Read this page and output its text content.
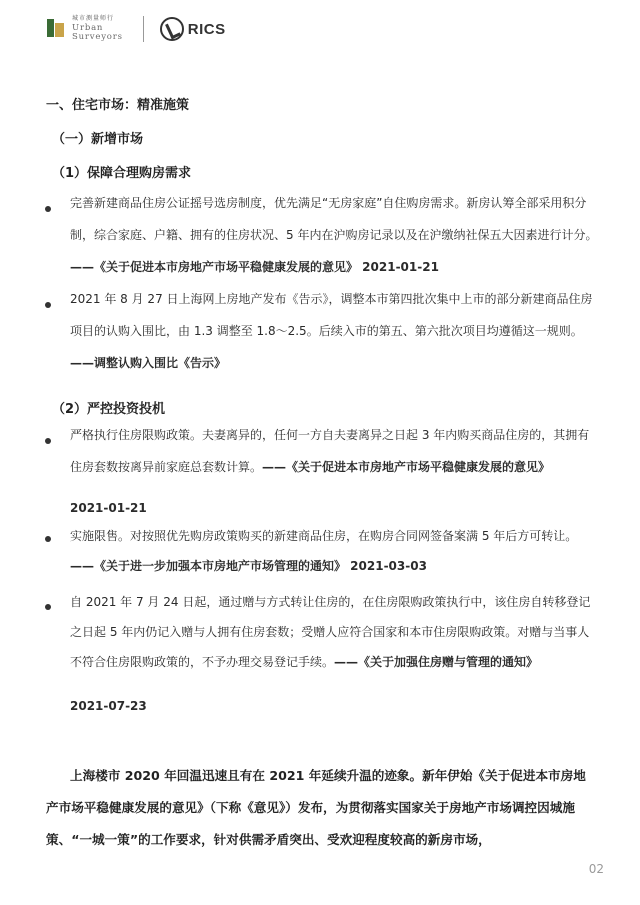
城市测量师行
Urban
Surveyors	RICS
一、住宅市场：精准施策
（一）新增市场
（1）保障合理购房需求
完善新建商品住房公证摇号选房制度，优先满足“无房家庭”自住购房需求。新房认筹全部采用积分制，综合家庭、户籍、拥有的住房状况、5 年内在沪购房记录以及在沪缴纳社保五大因素进行计分。——《关于促进本市房地产市场平稳健康发展的意见》 2021-01-21
2021 年 8 月 27 日上海网上房地产发布《告示》，调整本市第四批次集中上市的部分新建商品住房项目的认购入围比，由 1.3 调整至 1.8～2.5。后续入市的第五、第六批次项目均遵循这一规则。——调整认购入围比《告示》
（2）严控投资投机
严格执行住房限购政策。夫妻离异的，任何一方自夫妻离异之日起 3 年内购买商品住房的，其拥有住房套数按离异前家庭总套数计算。——《关于促进本市房地产市场平稳健康发展的意见》
2021-01-21
实施限售。对按照优先购房政策购买的新建商品住房，在购房合同网签备案满 5 年后方可转让。
——《关于进一步加强本市房地产市场管理的通知》 2021-03-03
自 2021 年 7 月 24 日起，通过赠与方式转让住房的，在住房限购政策执行中，该住房自转移登记之日起 5 年内仍记入赠与人拥有住房套数；受赠人应符合国家和本市住房限购政策。对赠与当事人不符合住房限购政策的，不予办理交易登记手续。——《关于加强住房赠与管理的通知》
2021-07-23
上海楼市 2020 年回温迅速且有在 2021 年延续升温的迹象。新年伊始《关于促进本市房地产市场平稳健康发展的意见》（下称《意见》）发布，为贯彻落实国家关于房地产市场调控因城施策、“一城一策”的工作要求，针对供需矛盾突出、受欢迎程度较高的新房市场，
02
